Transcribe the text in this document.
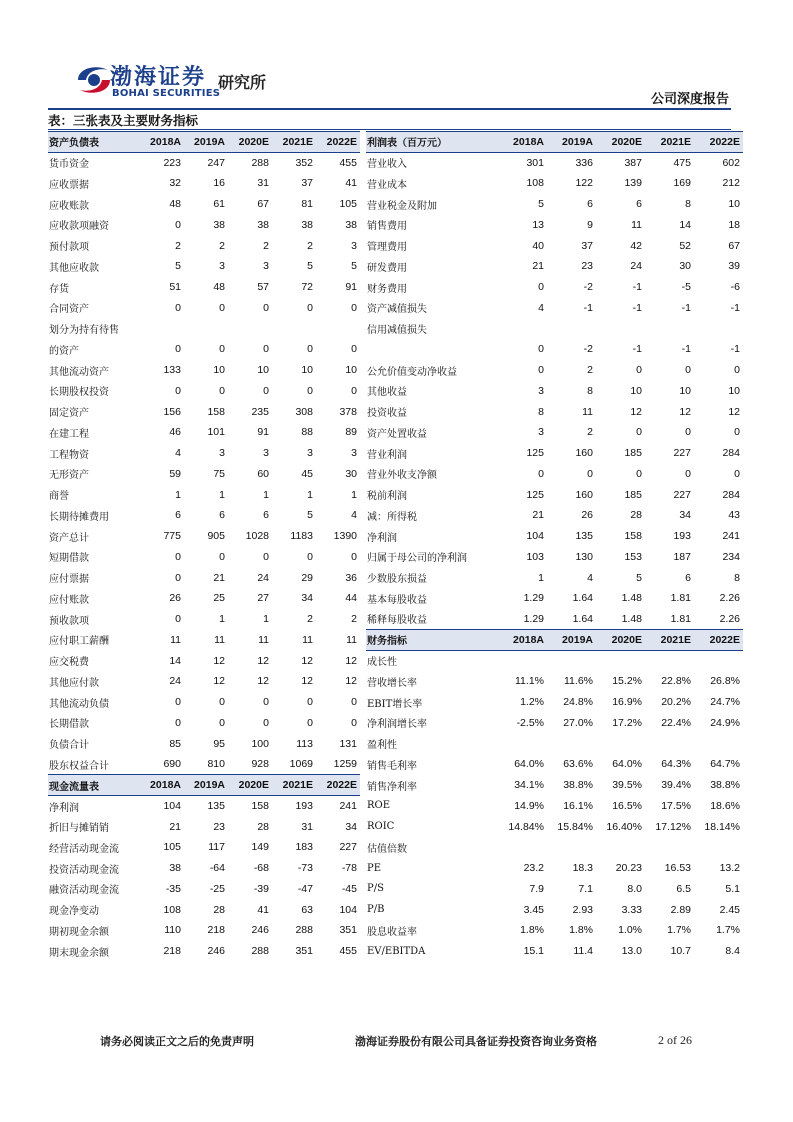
渤海证券
BOHAI SECURITIES
研究所
公司深度报告
表：三张表及主要财务指标
资产负债表	2018A	2019A	2020E	2021E	2022E
货币资金	223	247	288	352	455
应收票据	32	16	31	37	41
应收账款	48	61	67	81	105
应收款项融资	0	38	38	38	38
预付款项	2	2	2	2	3
其他应收款	5	3	3	5	5
存货	51	48	57	72	91
合同资产	0	0	0	0	0
划分为持有待售					
的资产	0	0	0	0	0
其他流动资产	133	10	10	10	10
长期股权投资	0	0	0	0	0
固定资产	156	158	235	308	378
在建工程	46	101	91	88	89
工程物资	4	3	3	3	3
无形资产	59	75	60	45	30
商誉	1	1	1	1	1
长期待摊费用	6	6	6	5	4
资产总计	775	905	1028	1183	1390
短期借款	0	0	0	0	0
应付票据	0	21	24	29	36
应付账款	26	25	27	34	44
预收款项	0	1	1	2	2
应付职工薪酬	11	11	11	11	11
应交税费	14	12	12	12	12
其他应付款	24	12	12	12	12
其他流动负债	0	0	0	0	0
长期借款	0	0	0	0	0
负债合计	85	95	100	113	131
股东权益合计	690	810	928	1069	1259
现金流量表	2018A	2019A	2020E	2021E	2022E
净利润	104	135	158	193	241
折旧与摊销销	21	23	28	31	34
经营活动现金流	105	117	149	183	227
投资活动现金流	38	-64	-68	-73	-78
融资活动现金流	-35	-25	-39	-47	-45
现金净变动	108	28	41	63	104
期初现金余额	110	218	246	288	351
期末现金余额	218	246	288	351	455
利润表（百万元）	2018A	2019A	2020E	2021E	2022E
营业收入	301	336	387	475	602
营业成本	108	122	139	169	212
营业税金及附加	5	6	6	8	10
销售费用	13	9	11	14	18
管理费用	40	37	42	52	67
研发费用	21	23	24	30	39
财务费用	0	-2	-1	-5	-6
资产减值损失	4	-1	-1	-1	-1
信用减值损失					
	0	-2	-1	-1	-1
公允价值变动净收益	0	2	0	0	0
其他收益	3	8	10	10	10
投资收益	8	11	12	12	12
资产处置收益	3	2	0	0	0
营业利润	125	160	185	227	284
营业外收支净额	0	0	0	0	0
税前利润	125	160	185	227	284
减：所得税	21	26	28	34	43
净利润	104	135	158	193	241
归属于母公司的净利润	103	130	153	187	234
少数股东损益	1	4	5	6	8
基本每股收益	1.29	1.64	1.48	1.81	2.26
稀释每股收益	1.29	1.64	1.48	1.81	2.26
财务指标	2018A	2019A	2020E	2021E	2022E
成长性					
营收增长率	11.1%	11.6%	15.2%	22.8%	26.8%
EBIT增长率	1.2%	24.8%	16.9%	20.2%	24.7%
净利润增长率	-2.5%	27.0%	17.2%	22.4%	24.9%
盈利性					
销售毛利率	64.0%	63.6%	64.0%	64.3%	64.7%
销售净利率	34.1%	38.8%	39.5%	39.4%	38.8%
ROE	14.9%	16.1%	16.5%	17.5%	18.6%
ROIC	14.84%	15.84%	16.40%	17.12%	18.14%
估值倍数					
PE	23.2	18.3	20.23	16.53	13.2
P/S	7.9	7.1	8.0	6.5	5.1
P/B	3.45	2.93	3.33	2.89	2.45
股息收益率	1.8%	1.8%	1.0%	1.7%	1.7%
EV/EBITDA	15.1	11.4	13.0	10.7	8.4
请务必阅读正文之后的免责声明	渤海证券股份有限公司具备证券投资咨询业务资格	2 of 26
